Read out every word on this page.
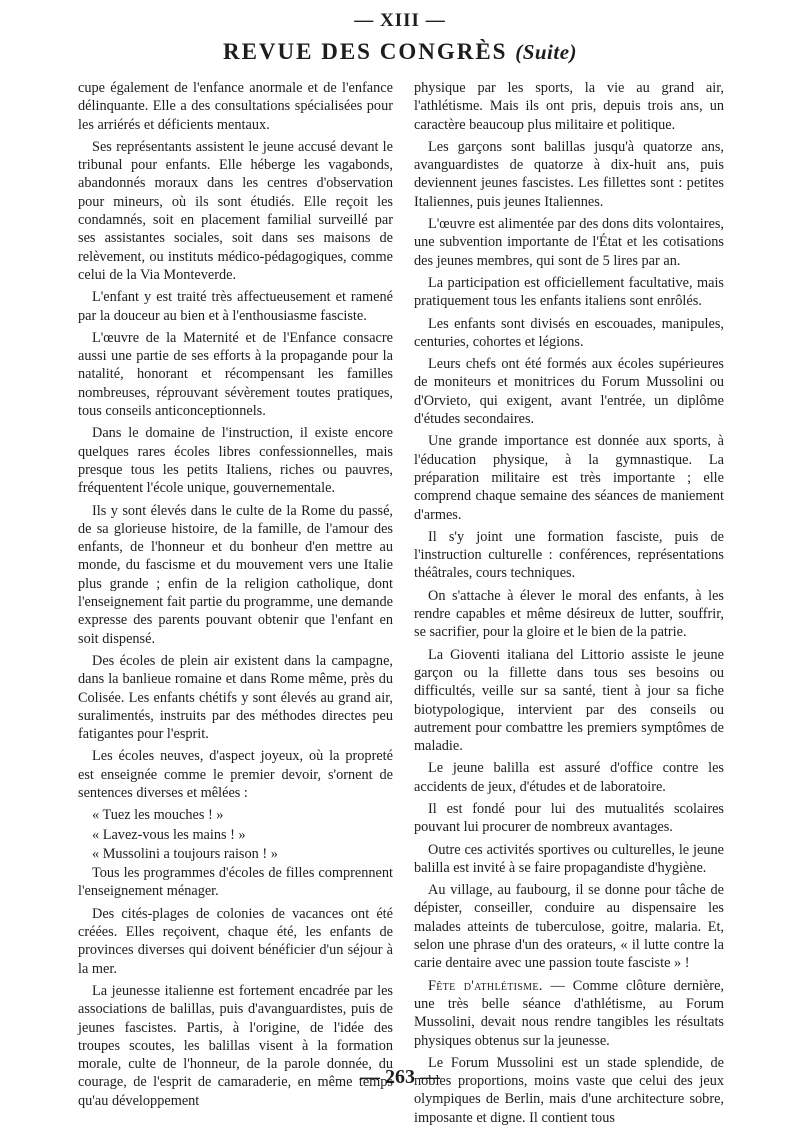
— XIII —
REVUE DES CONGRÈS (Suite)

cupe également de l'enfance anormale et de l'enfance délinquante. Elle a des consultations spécialisées pour les arriérés et déficients mentaux.

Ses représentants assistent le jeune accusé devant le tribunal pour enfants. Elle héberge les vagabonds, abandonnés moraux dans les centres d'observation pour mineurs, où ils sont étudiés. Elle reçoit les condamnés, soit en placement familial surveillé par ses assistantes sociales, soit dans ses maisons de relèvement, ou instituts médico-pédagogiques, comme celui de la Via Monteverde.

L'enfant y est traité très affectueusement et ramené par la douceur au bien et à l'enthousiasme fasciste.

L'œuvre de la Maternité et de l'Enfance consacre aussi une partie de ses efforts à la propagande pour la natalité, honorant et récompensant les familles nombreuses, réprouvant sévèrement toutes pratiques, tous conseils anticonceptionnels.

Dans le domaine de l'instruction, il existe encore quelques rares écoles libres confessionnelles, mais presque tous les petits Italiens, riches ou pauvres, fréquentent l'école unique, gouvernementale.

Ils y sont élevés dans le culte de la Rome du passé, de sa glorieuse histoire, de la famille, de l'amour des enfants, de l'honneur et du bonheur d'en mettre au monde, du fascisme et du mouvement vers une Italie plus grande ; enfin de la religion catholique, dont l'enseignement fait partie du programme, une demande expresse des parents pouvant obtenir que l'enfant en soit dispensé.

Des écoles de plein air existent dans la campagne, dans la banlieue romaine et dans Rome même, près du Colisée. Les enfants chétifs y sont élevés au grand air, suralimentés, instruits par des méthodes directes peu fatigantes pour l'esprit.

Les écoles neuves, d'aspect joyeux, où la propreté est enseignée comme le premier devoir, s'ornent de sentences diverses et mêlées :

« Tuez les mouches ! »

« Lavez-vous les mains ! »

« Mussolini a toujours raison ! »

Tous les programmes d'écoles de filles comprennent l'enseignement ménager.

Des cités-plages de colonies de vacances ont été créées. Elles reçoivent, chaque été, les enfants de provinces diverses qui doivent bénéficier d'un séjour à la mer.

La jeunesse italienne est fortement encadrée par les associations de balillas, puis d'avanguardistes, puis de jeunes fascistes. Partis, à l'origine, de l'idée des troupes scoutes, les balillas visent à la formation morale, culte de l'honneur, de la parole donnée, du courage, de l'esprit de camaraderie, en même temps qu'au développement

physique par les sports, la vie au grand air, l'athlétisme. Mais ils ont pris, depuis trois ans, un caractère beaucoup plus militaire et politique.

Les garçons sont balillas jusqu'à quatorze ans, avanguardistes de quatorze à dix-huit ans, puis deviennent jeunes fascistes. Les fillettes sont : petites Italiennes, puis jeunes Italiennes.

L'œuvre est alimentée par des dons dits volontaires, une subvention importante de l'État et les cotisations des jeunes membres, qui sont de 5 lires par an.

La participation est officiellement facultative, mais pratiquement tous les enfants italiens sont enrôlés.

Les enfants sont divisés en escouades, manipules, centuries, cohortes et légions.

Leurs chefs ont été formés aux écoles supérieures de moniteurs et monitrices du Forum Mussolini ou d'Orvieto, qui exigent, avant l'entrée, un diplôme d'études secondaires.

Une grande importance est donnée aux sports, à l'éducation physique, à la gymnastique. La préparation militaire est très importante ; elle comprend chaque semaine des séances de maniement d'armes.

Il s'y joint une formation fasciste, puis de l'instruction culturelle : conférences, représentations théâtrales, cours techniques.

On s'attache à élever le moral des enfants, à les rendre capables et même désireux de lutter, souffrir, se sacrifier, pour la gloire et le bien de la patrie.

La Gioventi italiana del Littorio assiste le jeune garçon ou la fillette dans tous ses besoins ou difficultés, veille sur sa santé, tient à jour sa fiche biotypologique, intervient par des conseils ou autrement pour combattre les premiers symptômes de maladie.

Le jeune balilla est assuré d'office contre les accidents de jeux, d'études et de laboratoire.

Il est fondé pour lui des mutualités scolaires pouvant lui procurer de nombreux avantages.

Outre ces activités sportives ou culturelles, le jeune balilla est invité à se faire propagandiste d'hygiène.

Au village, au faubourg, il se donne pour tâche de dépister, conseiller, conduire au dispensaire les malades atteints de tuberculose, goitre, malaria. Et, selon une phrase d'un des orateurs, « il lutte contre la carie dentaire avec une passion toute fasciste » !

Fête d'athlétisme. — Comme clôture dernière, une très belle séance d'athlétisme, au Forum Mussolini, devait nous rendre tangibles les résultats physiques obtenus sur la jeunesse.

Le Forum Mussolini est un stade splendide, de nobles proportions, moins vaste que celui des jeux olympiques de Berlin, mais d'une architecture sobre, imposante et digne. Il contient tous

— 263 —
